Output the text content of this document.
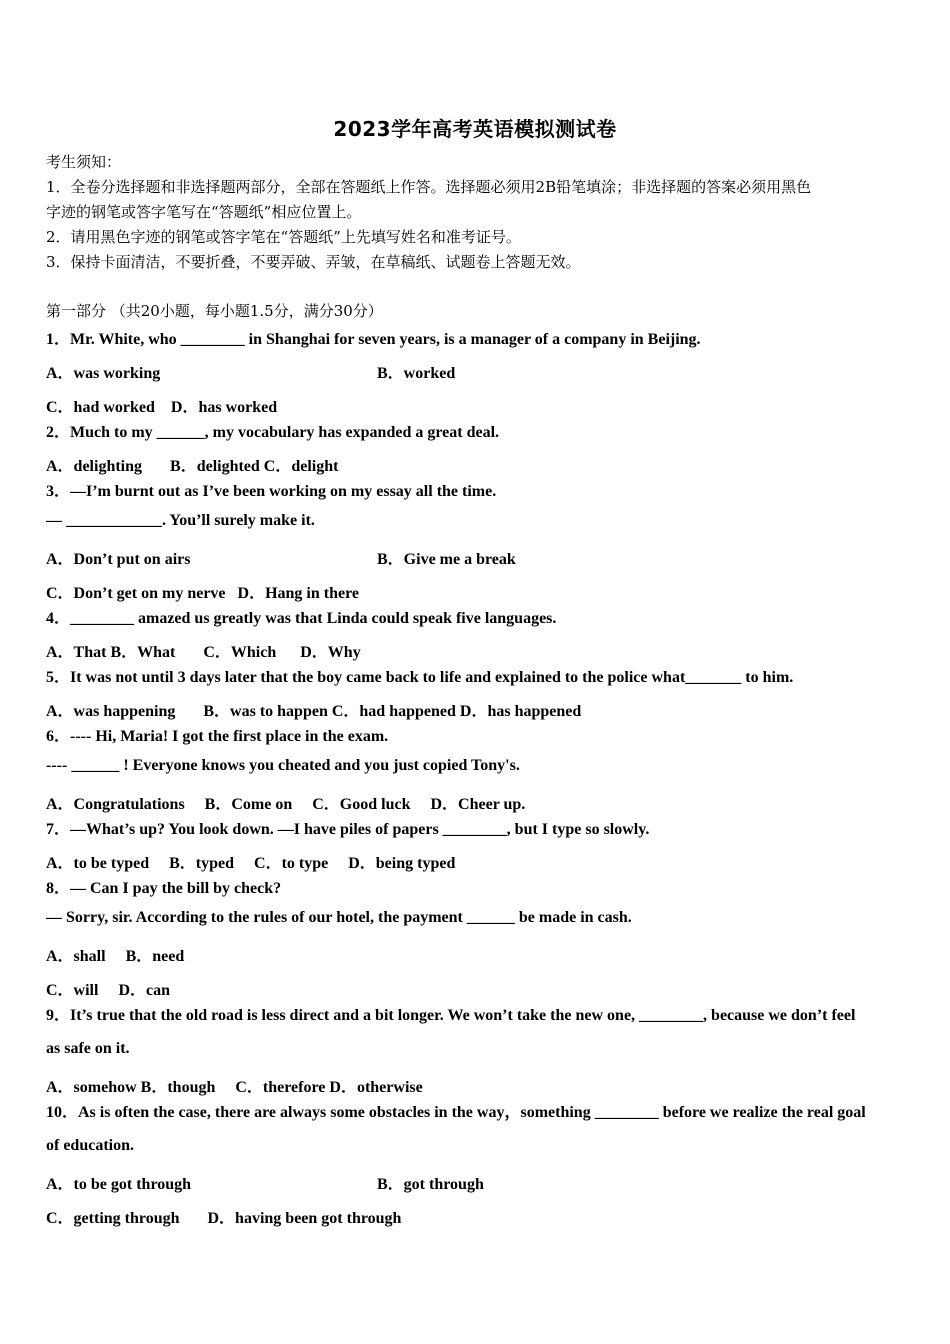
2023学年高考英语模拟测试卷
考生须知：
1．全卷分选择题和非选择题两部分，全部在答题纸上作答。选择题必须用2B铅笔填涂；非选择题的答案必须用黑色
字迹的钢笔或答字笔写在“答题纸”相应位置上。
2．请用黑色字迹的钢笔或答字笔在“答题纸”上先填写姓名和准考证号。
3．保持卡面清洁，不要折叠，不要弄破、弄皱，在草稿纸、试题卷上答题无效。
第一部分 （共20小题，每小题1.5分，满分30分）
1．Mr. White, who ________ in Shanghai for seven years, is a manager of a company in Beijing.
A．was working	B．worked
C．had worked    D．has worked
2．Much to my ______, my vocabulary has expanded a great deal.
A．delighting       B．delighted C．delight
3．—I’m burnt out as I’ve been working on my essay all the time.
— ____________. You’ll surely make it.
A．Don’t put on airs	B．Give me a break
C．Don’t get on my nerve   D．Hang in there
4．________ amazed us greatly was that Linda could speak five languages.
A．That B．What       C．Which      D．Why
5．It was not until 3 days later that the boy came back to life and explained to the police what_______ to him.
A．was happening       B．was to happen C．had happened D．has happened
6．---- Hi, Maria! I got the first place in the exam.
---- ______ ! Everyone knows you cheated and you just copied Tony's.
A．Congratulations     B．Come on     C．Good luck     D．Cheer up.
7．—What’s up? You look down. —I have piles of papers ________, but I type so slowly.
A．to be typed     B．typed     C．to type     D．being typed
8．— Can I pay the bill by check?
— Sorry, sir. According to the rules of our hotel, the payment ______ be made in cash.
A．shall     B．need
C．will     D．can
9．It’s true that the old road is less direct and a bit longer. We won’t take the new one, ________, because we don’t feel
as safe on it.
A．somehow B．though     C．therefore D．otherwise
10．As is often the case, there are always some obstacles in the way，something ________ before we realize the real goal
of education.
A．to be got through	B．got through
C．getting through       D．having been got through
